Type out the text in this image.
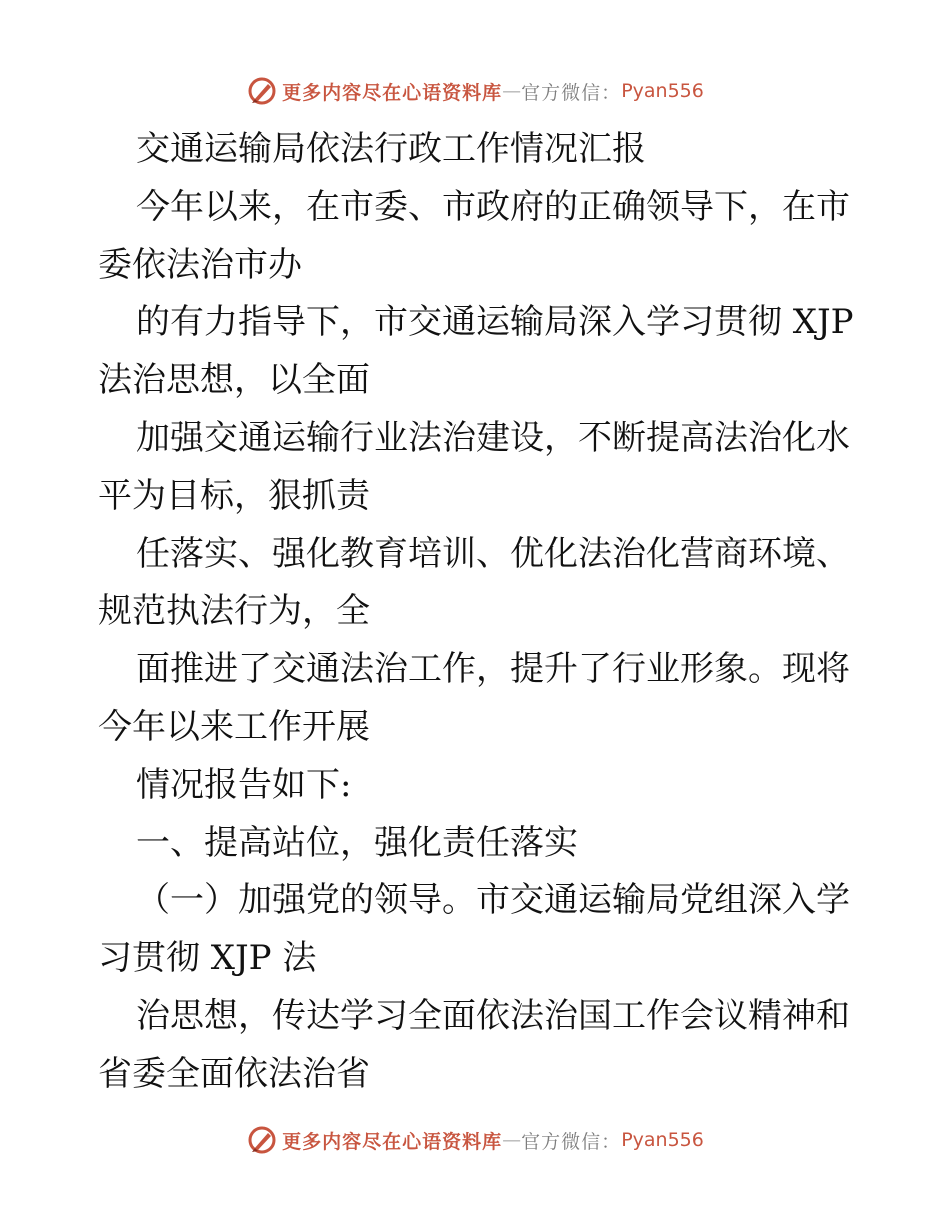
更多内容尽在心语资料库 — 官方微信： Pyan556
交通运输局依法行政工作情况汇报
今年以来，在市委、市政府的正确领导下，在市
委依法治市办
的有力指导下，市交通运输局深入学习贯彻 XJP
法治思想，以全面
加强交通运输行业法治建设，不断提高法治化水
平为目标，狠抓责
任落实、强化教育培训、优化法治化营商环境、
规范执法行为，全
面推进了交通法治工作，提升了行业形象。现将
今年以来工作开展
情况报告如下:
一、提高站位，强化责任落实
（一）加强党的领导。市交通运输局党组深入学
习贯彻 XJP 法
治思想，传达学习全面依法治国工作会议精神和
省委全面依法治省
更多内容尽在心语资料库 — 官方微信： Pyan556
